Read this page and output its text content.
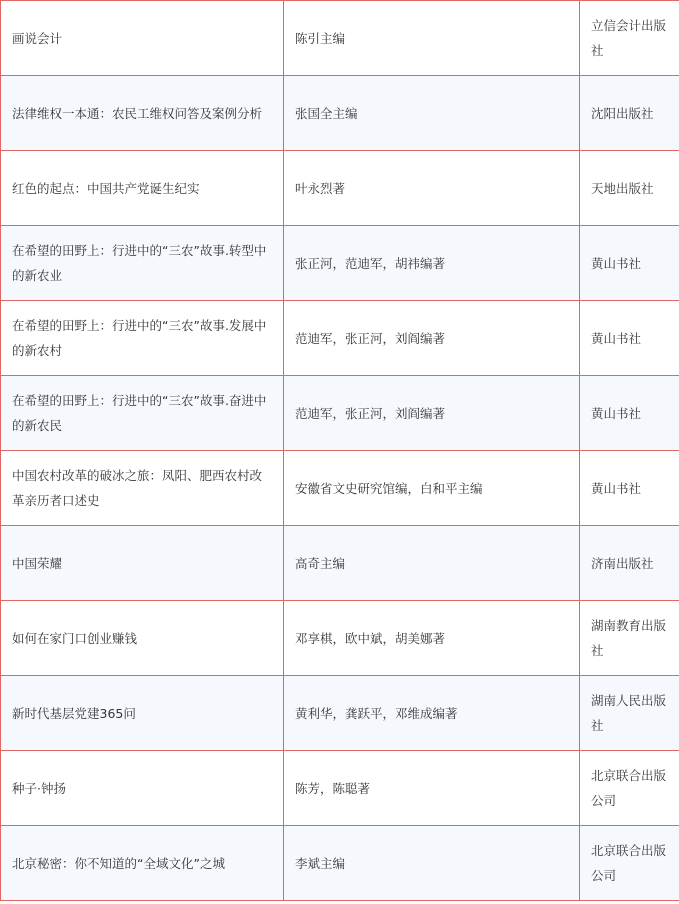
画说会计	陈引主编	立信会计出版社
法律维权一本通：农民工维权问答及案例分析	张国全主编	沈阳出版社
红色的起点：中国共产党诞生纪实	叶永烈著	天地出版社
在希望的田野上：行进中的“三农”故事.转型中的新农业	张正河，范迪军，胡祎编著	黄山书社
在希望的田野上：行进中的“三农”故事.发展中的新农村	范迪军，张正河，刘阎编著	黄山书社
在希望的田野上：行进中的“三农”故事.奋进中的新农民	范迪军，张正河，刘阎编著	黄山书社
中国农村改革的破冰之旅：凤阳、肥西农村改革亲历者口述史	安徽省文史研究馆编，白和平主编	黄山书社
中国荣耀	高奇主编	济南出版社
如何在家门口创业赚钱	邓享棋，欧中斌，胡美娜著	湖南教育出版社
新时代基层党建365问	黄利华，龚跃平，邓维成编著	湖南人民出版社
种子·钟扬	陈芳，陈聪著	北京联合出版公司
北京秘密：你不知道的“全域文化”之城	李斌主编	北京联合出版公司
